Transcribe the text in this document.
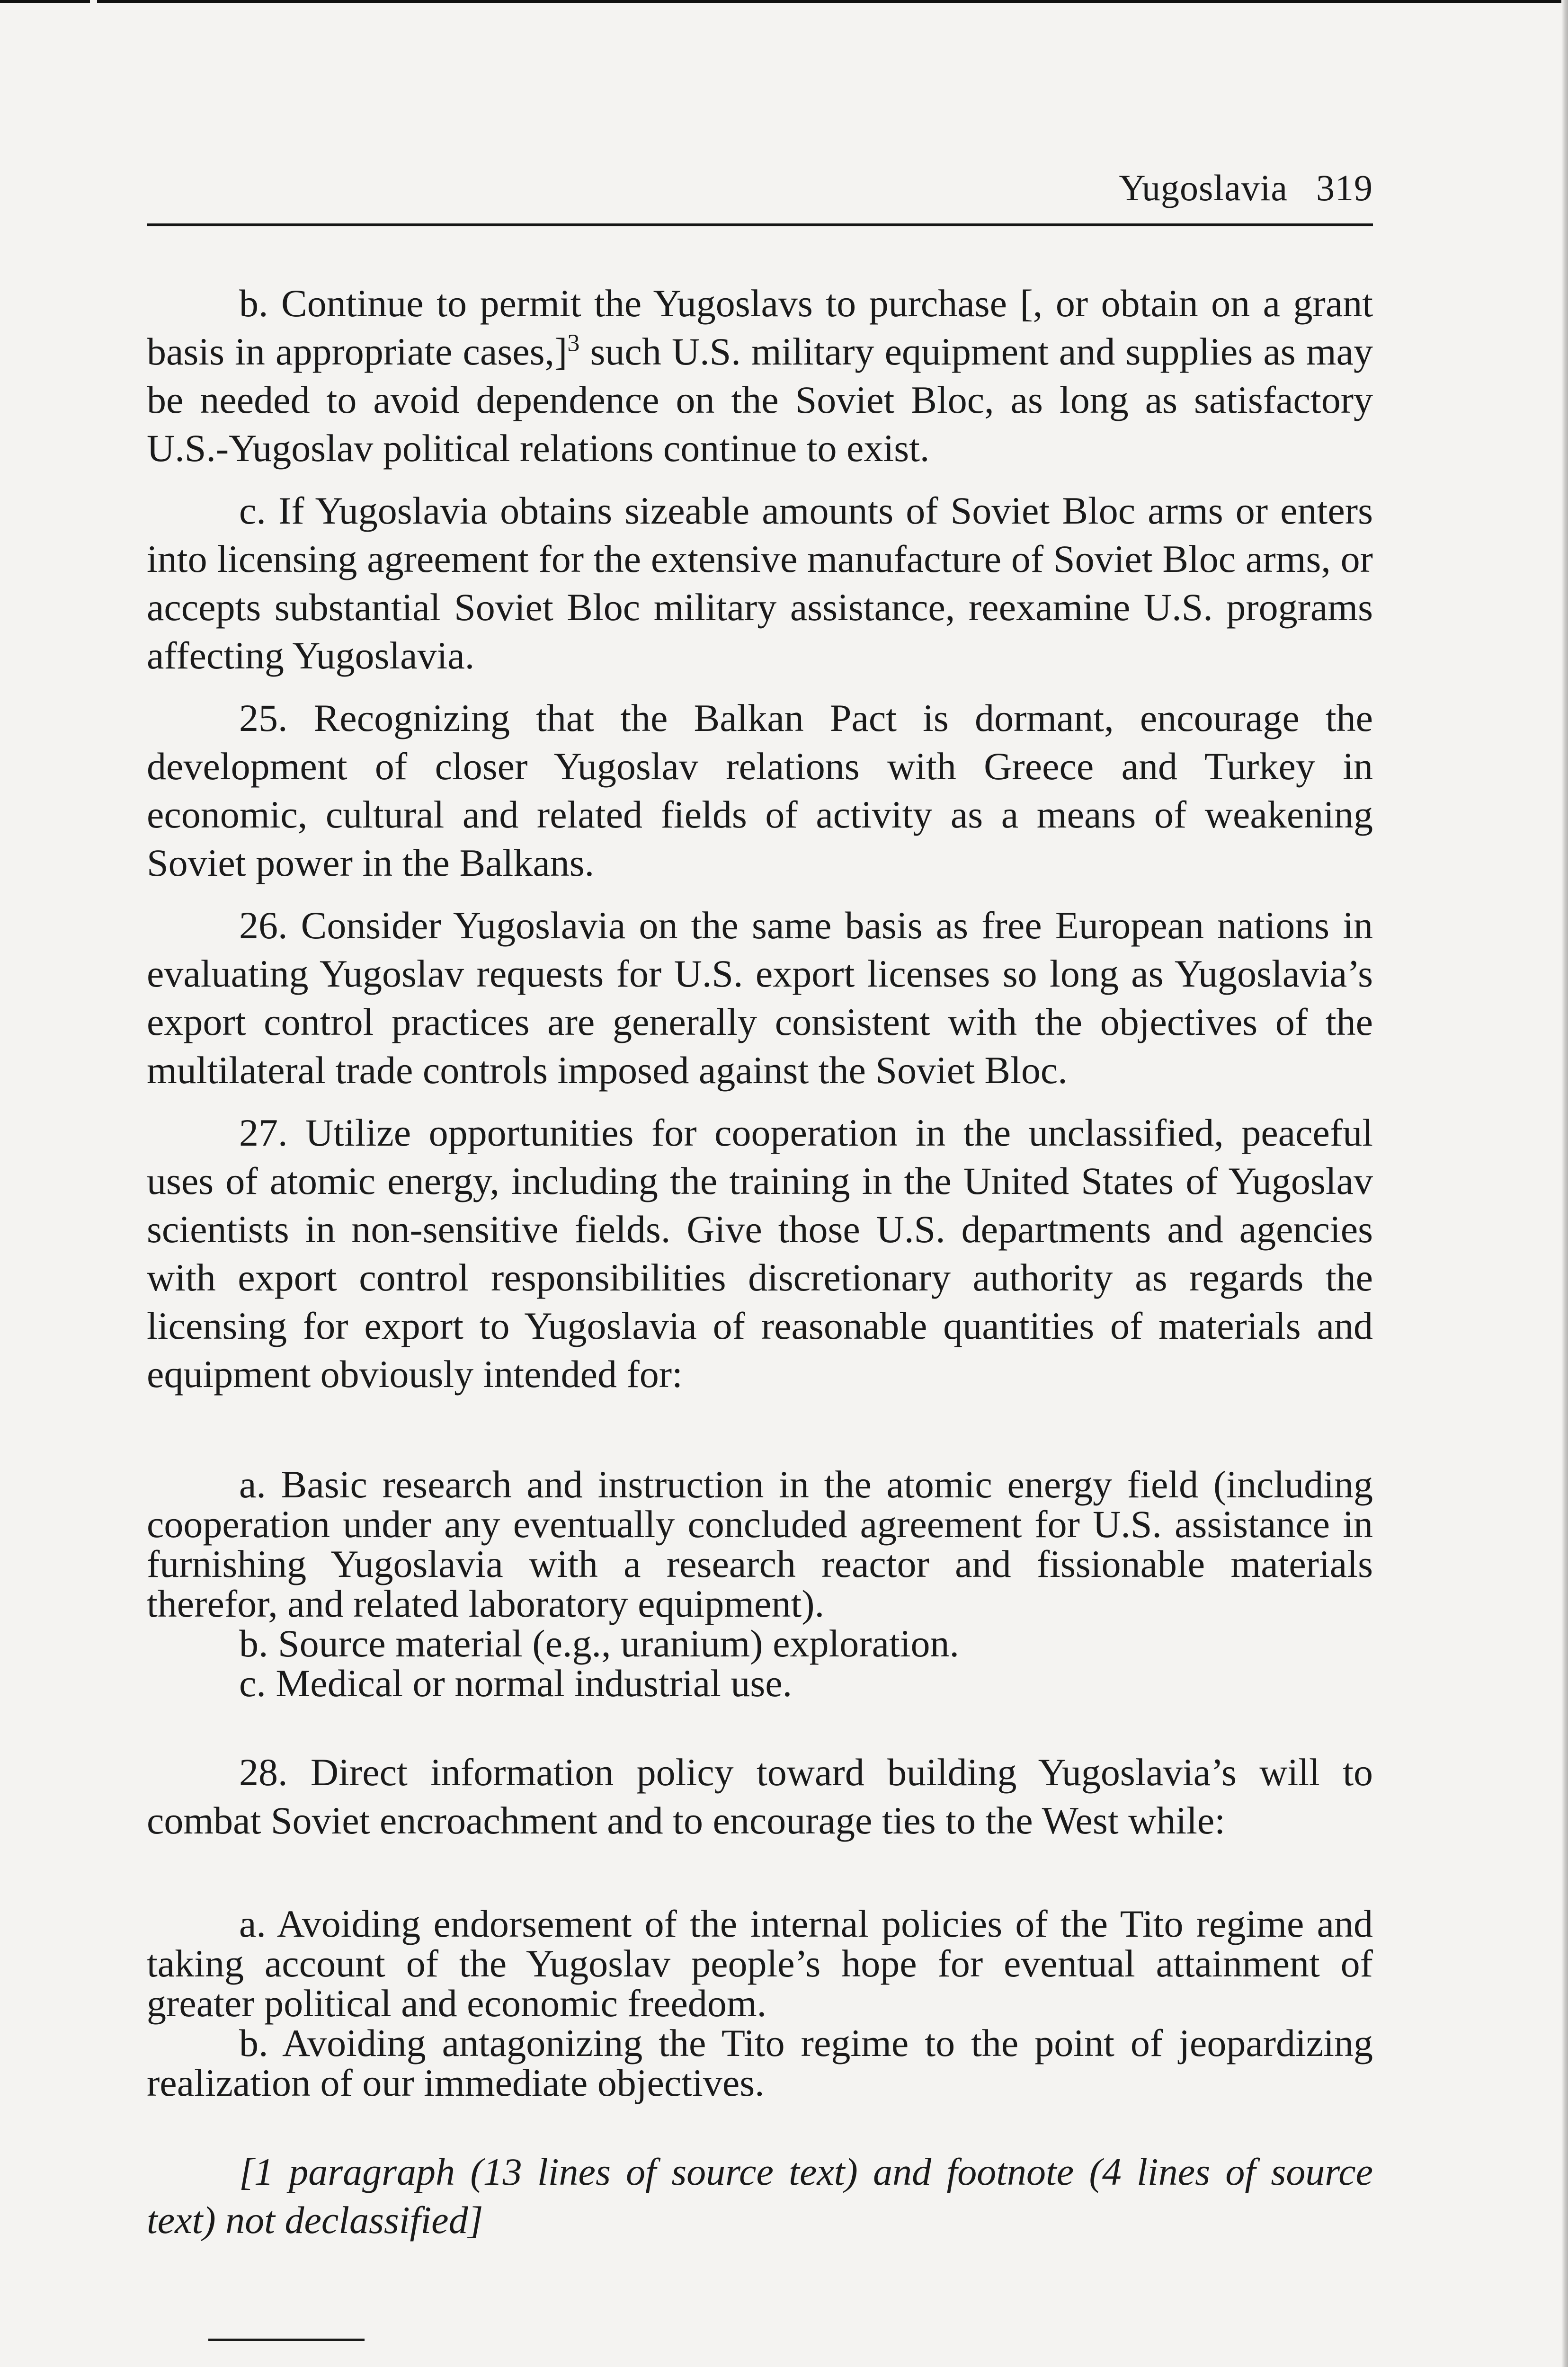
Yugoslavia 319

b. Continue to permit the Yugoslavs to purchase [, or obtain on a grant basis in appropriate cases,]$^3$ such U.S. military equipment and supplies as may be needed to avoid dependence on the Soviet Bloc, as long as satisfactory U.S.-Yugoslav political relations continue to exist.

c. If Yugoslavia obtains sizeable amounts of Soviet Bloc arms or enters into licensing agreement for the extensive manufacture of Soviet Bloc arms, or accepts substantial Soviet Bloc military assistance, reexamine U.S. programs affecting Yugoslavia.

25. Recognizing that the Balkan Pact is dormant, encourage the development of closer Yugoslav relations with Greece and Turkey in economic, cultural and related fields of activity as a means of weakening Soviet power in the Balkans.

26. Consider Yugoslavia on the same basis as free European nations in evaluating Yugoslav requests for U.S. export licenses so long as Yugoslavia’s export control practices are generally consistent with the objectives of the multilateral trade controls imposed against the Soviet Bloc.

27. Utilize opportunities for cooperation in the unclassified, peaceful uses of atomic energy, including the training in the United States of Yugoslav scientists in non-sensitive fields. Give those U.S. departments and agencies with export control responsibilities discretionary authority as regards the licensing for export to Yugoslavia of reasonable quantities of materials and equipment obviously intended for:

a. Basic research and instruction in the atomic energy field (including cooperation under any eventually concluded agreement for U.S. assistance in furnishing Yugoslavia with a research reactor and fissionable materials therefor, and related laboratory equipment).

b. Source material (e.g., uranium) exploration.

c. Medical or normal industrial use.

28. Direct information policy toward building Yugoslavia’s will to combat Soviet encroachment and to encourage ties to the West while:

a. Avoiding endorsement of the internal policies of the Tito regime and taking account of the Yugoslav people’s hope for eventual attainment of greater political and economic freedom.

b. Avoiding antagonizing the Tito regime to the point of jeopardizing realization of our immediate objectives.

[1 paragraph (13 lines of source text) and footnote (4 lines of source text) not declassified]
